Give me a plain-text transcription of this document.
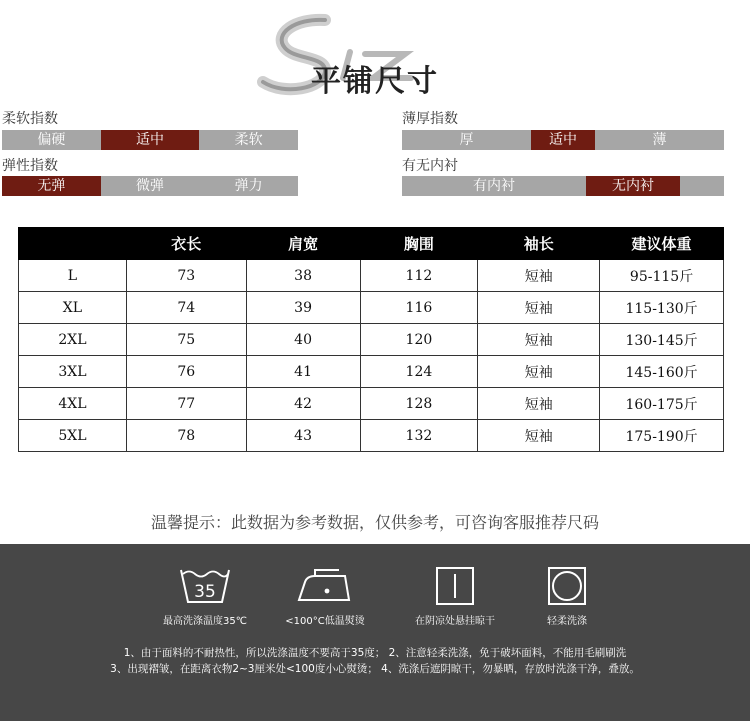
平铺尺寸
柔软指数
偏硬	适中	柔软
薄厚指数
厚	适中	薄
弹性指数
无弹	微弹	弹力
有无内衬
有内衬	无内衬
	衣长	肩宽	胸围	袖长	建议体重
L	73	38	112	短袖	95-115斤
XL	74	39	116	短袖	115-130斤
2XL	75	40	120	短袖	130-145斤
3XL	76	41	124	短袖	145-160斤
4XL	77	42	128	短袖	160-175斤
5XL	78	43	132	短袖	175-190斤
温馨提示：此数据为参考数据，仅供参考，可咨询客服推荐尺码
35
最高洗涤温度35℃	<100°C低温熨烫	在阴凉处悬挂晾干	轻柔洗涤
1、由于面料的不耐热性，所以洗涤温度不要高于35度； 2、注意轻柔洗涤，免于破坏面料，不能用毛刷刷洗
3、出现褶皱，在距离衣物2~3厘米处<100度小心熨烫； 4、洗涤后遮阴晾干，勿暴晒，存放时洗涤干净，叠放。
